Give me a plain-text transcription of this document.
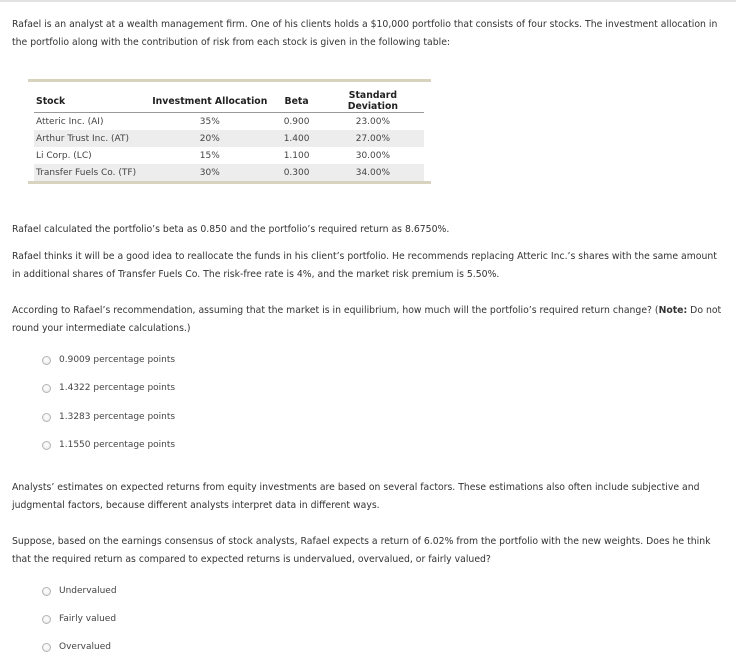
Rafael is an analyst at a wealth management firm. One of his clients holds a $10,000 portfolio that consists of four stocks. The investment allocation in the portfolio along with the contribution of risk from each stock is given in the following table:

Stock	Investment Allocation	Beta	Standard Deviation
Atteric Inc. (AI)	35%	0.900	23.00%
Arthur Trust Inc. (AT)	20%	1.400	27.00%
Li Corp. (LC)	15%	1.100	30.00%
Transfer Fuels Co. (TF)	30%	0.300	34.00%

Rafael calculated the portfolio’s beta as 0.850 and the portfolio’s required return as 8.6750%.

Rafael thinks it will be a good idea to reallocate the funds in his client’s portfolio. He recommends replacing Atteric Inc.’s shares with the same amount in additional shares of Transfer Fuels Co. The risk-free rate is 4%, and the market risk premium is 5.50%.

According to Rafael’s recommendation, assuming that the market is in equilibrium, how much will the portfolio’s required return change? (Note: Do not round your intermediate calculations.)

0.9009 percentage points
1.4322 percentage points
1.3283 percentage points
1.1550 percentage points

Analysts’ estimates on expected returns from equity investments are based on several factors. These estimations also often include subjective and judgmental factors, because different analysts interpret data in different ways.

Suppose, based on the earnings consensus of stock analysts, Rafael expects a return of 6.02% from the portfolio with the new weights. Does he think that the required return as compared to expected returns is undervalued, overvalued, or fairly valued?

Undervalued
Fairly valued
Overvalued
